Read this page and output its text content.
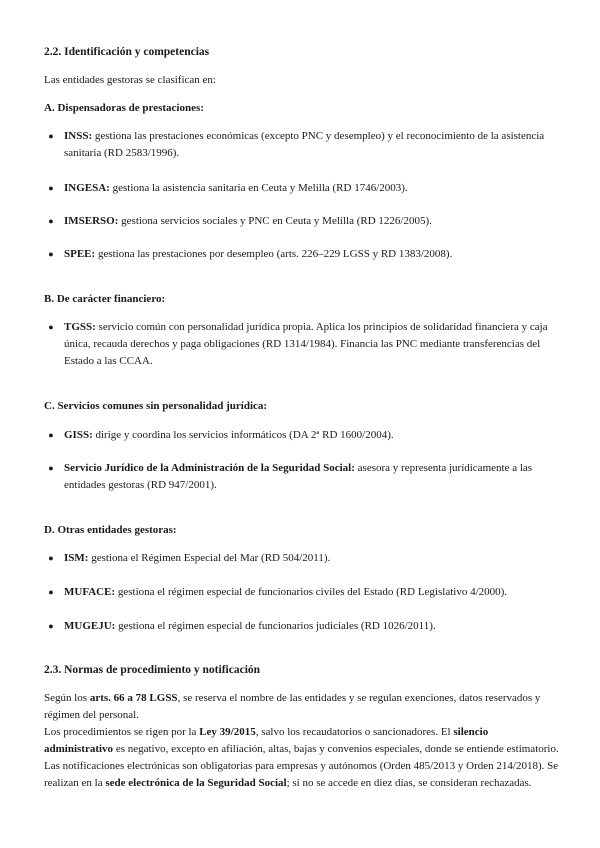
2.2. Identificación y competencias
Las entidades gestoras se clasifican en:
A. Dispensadoras de prestaciones:
● INSS: gestiona las prestaciones económicas (excepto PNC y desempleo) y el reconocimiento de la asistencia sanitaria (RD 2583/1996).
● INGESA: gestiona la asistencia sanitaria en Ceuta y Melilla (RD 1746/2003).
● IMSERSO: gestiona servicios sociales y PNC en Ceuta y Melilla (RD 1226/2005).
● SPEE: gestiona las prestaciones por desempleo (arts. 226–229 LGSS y RD 1383/2008).
B. De carácter financiero:
● TGSS: servicio común con personalidad jurídica propia. Aplica los principios de solidaridad financiera y caja única, recauda derechos y paga obligaciones (RD 1314/1984). Financia las PNC mediante transferencias del Estado a las CCAA.
C. Servicios comunes sin personalidad jurídica:
● GISS: dirige y coordina los servicios informáticos (DA 2ª RD 1600/2004).
● Servicio Jurídico de la Administración de la Seguridad Social: asesora y representa jurídicamente a las entidades gestoras (RD 947/2001).
D. Otras entidades gestoras:
● ISM: gestiona el Régimen Especial del Mar (RD 504/2011).
● MUFACE: gestiona el régimen especial de funcionarios civiles del Estado (RD Legislativo 4/2000).
● MUGEJU: gestiona el régimen especial de funcionarios judiciales (RD 1026/2011).
2.3. Normas de procedimiento y notificación
Según los arts. 66 a 78 LGSS, se reserva el nombre de las entidades y se regulan exenciones, datos reservados y régimen del personal.
Los procedimientos se rigen por la Ley 39/2015, salvo los recaudatorios o sancionadores. El silencio administrativo es negativo, excepto en afiliación, altas, bajas y convenios especiales, donde se entiende estimatorio.
Las notificaciones electrónicas son obligatorias para empresas y autónomos (Orden 485/2013 y Orden 214/2018). Se realizan en la sede electrónica de la Seguridad Social; si no se accede en diez días, se consideran rechazadas.
